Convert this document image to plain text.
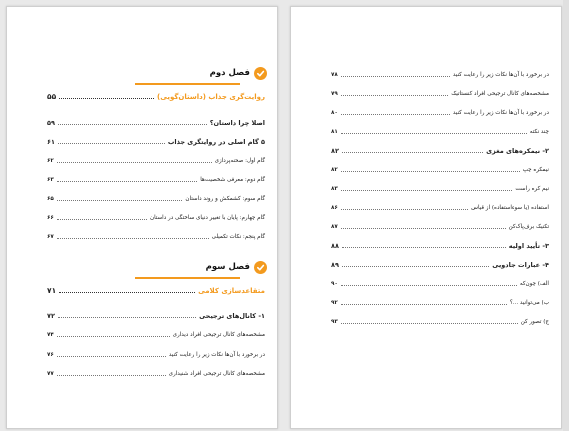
فصل دوم
روایت‌گری جذاب (داستان‌گویی)
۵۵
اصلا چرا داستان؟
۵۹
۵ گام اصلی در روایتگری جذاب
۶۱
گام اول: صحنه‌پردازی
۶۲
گام دوم: معرفی شخصیت‌ها
۶۳
گام سوم: کشمکش و روند داستان
۶۵
گام چهارم: پایان با تغییر دنیای ساختگی در داستان
۶۶
گام پنجم: نکات تکمیلی
۶۷
فصل سوم
متقاعدسازی کلامی
۷۱
۱- کانال‌های ترجیحی
۷۲
مشخصه‌های کانال ترجیحی افراد دیداری
۷۴
در برخورد با آن‌ها نکات زیر را رعایت کنید
۷۶
مشخصه‌های کانال ترجیحی افراد شنیداری
۷۷
در برخورد با آن‌ها نکات زیر را رعایت کنید
۷۸
مشخصه‌های کانال ترجیحی افراد کنستاتیک
۷۹
در برخورد با آن‌ها نکات زیر را رعایت کنید
۸۰
چند نکته
۸۱
۲- نیمکره‌های مغزی
۸۲
نیمکره چپ
۸۲
نیم کره راست
۸۳
استفاده (یا سوءاستفاده) از قیاس
۸۶
تکنیک برف‌پاک‌کن
۸۷
۳- تأیید اولیه
۸۸
۴- عبارات جادویی
۸۹
الف) چون‌که
۹۰
ب) می‌توانید ...؟
۹۲
ج) تصور کن
۹۳
